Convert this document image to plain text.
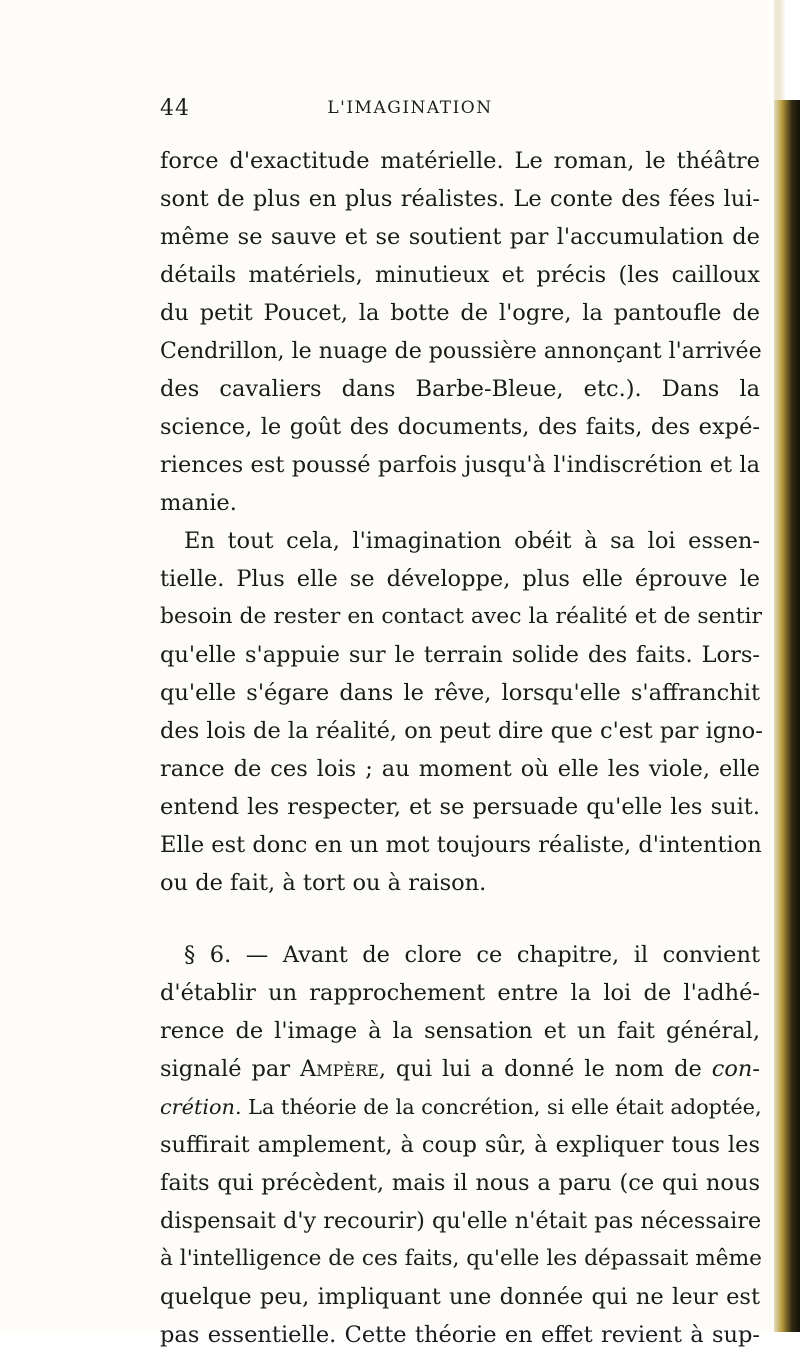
44	L'IMAGINATION
force d'exactitude matérielle. Le roman, le théâtre
sont de plus en plus réalistes. Le conte des fées lui-
même se sauve et se soutient par l'accumulation de
détails matériels, minutieux et précis (les cailloux
du petit Poucet, la botte de l'ogre, la pantoufle de
Cendrillon, le nuage de poussière annonçant l'arrivée
des cavaliers dans Barbe-Bleue, etc.). Dans la
science, le goût des documents, des faits, des expé-
riences est poussé parfois jusqu'à l'indiscrétion et la
manie.
En tout cela, l'imagination obéit à sa loi essen-
tielle. Plus elle se développe, plus elle éprouve le
besoin de rester en contact avec la réalité et de sentir
qu'elle s'appuie sur le terrain solide des faits. Lors-
qu'elle s'égare dans le rêve, lorsqu'elle s'affranchit
des lois de la réalité, on peut dire que c'est par igno-
rance de ces lois ; au moment où elle les viole, elle
entend les respecter, et se persuade qu'elle les suit.
Elle est donc en un mot toujours réaliste, d'intention
ou de fait, à tort ou à raison.
§ 6. — Avant de clore ce chapitre, il convient
d'établir un rapprochement entre la loi de l'adhé-
rence de l'image à la sensation et un fait général,
signalé par Ampère, qui lui a donné le nom de con-
crétion. La théorie de la concrétion, si elle était adoptée,
suffirait amplement, à coup sûr, à expliquer tous les
faits qui précèdent, mais il nous a paru (ce qui nous
dispensait d'y recourir) qu'elle n'était pas nécessaire
à l'intelligence de ces faits, qu'elle les dépassait même
quelque peu, impliquant une donnée qui ne leur est
pas essentielle. Cette théorie en effet revient à sup-
